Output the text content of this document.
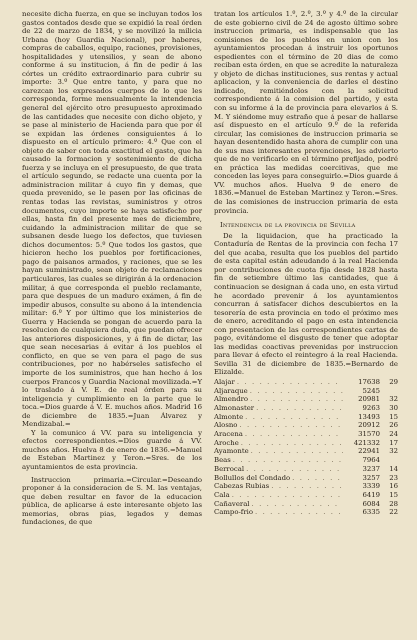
necesite dicha fuerza, en que se incluyan todos los gastos contados desde que se expidió la real órden de 22 de marzo de 1834, y se movilizó la milicia Urbana (hoy Guardia Nacional), por haberes, compras de caballos, equipo, raciones, provisiones, hospitalidades y utensilios, y sean de abono conforme á su institucion, á fin de pedir á las córtes un crédito extraordinario para cubrir su importe: 3.º Que entre tanto, y para que no carezcan los expresados cuerpos de lo que les corresponda, forme mensualmente la intendencia general del ejército otro presupuesto aproximado de las cantidades que necesite con dicho objeto, y se pase al ministerio de Hacienda para que por él se expidan las órdenes consiguientes á lo dispuesto en el artículo primero: 4.º Que con el objeto de saber con toda exactitud el gasto, que ha causado la formacion y sostenimiento de dicha fuerza y se incluya en el presupuesto, de que trata el artículo segundo, se redacte una cuenta por la administracion militar á cuyo fin y demas, que queda prevenido, se le pasen por las oficinas de rentas todas las revistas, suministros y otros documentos, cuyo importe se haya satisfecho por ellas, hasta fin del presente mes de diciembre, cuidando la administracion militar de que se subsanen desde luego los defectos, que tuviesen dichos documentos: 5.º Que todos los gastos, que hicieron hecho los pueblos por fortificaciones, pago de paisanos armados, y raciones, que se les hayan suministrado, sean objeto de reclamaciones particulares, las cuales se dirigirán á la ordenacion militar, á que corresponda el pueblo reclamante, para que despues de un maduro exámen, á fin de impedir abusos, consulte su abono á la intendencia militar: 6.º Y por último que los ministerios de Guerra y Hacienda se pongan de acuerdo para la resolucion de cualquiera duda, que puedan ofrecer las anteriores disposiciones, y á fin de dictar, las que sean necesarias á evitar á los pueblos el conflicto, en que se ven para el pago de sus contribuciones, por no habérseles satisfecho el importe de los suministros, que han hecho á los cuerpos Francos y Guardia Nacional movilizada.=Y lo traslado á V. E. de real órden para su inteligencia y cumplimiento en la parte que le toca.=Dios guarde á V. E. muchos años. Madrid 16 de diciembre de 1835.=Juan Álvarez y Mendizabal.=

Y la comunico á VV. para su inteligencia y efectos correspondientes.=Dios guarde á VV. muchos años. Huelva 8 de enero de 1836.=Manuel de Esteban Martinez y Teron.=Sres. de los ayuntamientos de esta provincia.

Instruccion primaria.=Circular.=Deseando proponer á la consideracion de S. M. las ventajas, que deben resultar en favor de la educacion pública, de aplicarse á este interesante objeto las memorias, obras pias, legados y demas fundaciones, de que

tratan los artículos 1.º, 2.º, 3.º y 4.º de la circular de este gobierno civil de 24 de agosto último sobre instruccion primaria, es indispensable que las comisiones de los pueblos en union con los ayuntamientos procedan á instruir los oportunos espedientes con el término de 20 dias de como reciban esta órden, en que se acredite la naturaleza y objeto de dichas instituciones, sus rentas y actual aplicacion, y la conveniencia de darles el destino indicado, remitiéndolos con la solicitud correspondiente á la comision del partido, y esta con su informe á la de provincia para elevarlos á S. M. Y siéndome muy estraño que á pesar de hallarse así dispuesto en el artículo 9.º de la referida circular, las comisiones de instruccion primaria se hayan desentendido hasta ahora de cumplir con una de sus mas interesantes prevenciones, les advierto que de no verificarlo en el término prefijado, podré en práctica las medidas coercitivas, que me conceden las leyes para conseguirlo.=Dios guarde á VV. muchos años. Huelva 9 de enero de 1836.=Manuel de Esteban Martinez y Teron.=Sres. de las comisiones de instruccion primaria de esta provincia.

Intendencia de la provincia de Sevilla

De la liquidacion, que ha practicado la Contaduría de Rentas de la provincia con fecha 17 del que acaba, resulta que los pueblos del partido de esta capital están adeudando á la real Hacienda por contribuciones de cuota fija desde 1828 hasta fin de setiembre último las cantidades, que á continuacion se designan á cada uno, en esta virtud he acordado prevenir á los ayuntamientos concurran á satisfacer dichos descubiertos en la tesorería de esta provincia en todo el próximo mes de enero, acreditando el pago en esta intendencia con presentacion de las correspondientes cartas de pago, evitándome el disgusto de tener que adoptar las medidas coactivas prevenidas por instruccion para llevar á efecto el reintegro á la real Hacienda. Sevilla 31 de diciembre de 1835.=Bernardo de Elizalde.

Alajar . . .	17638	29
Aljaraque . . .	5245
Almendro . . .	20981	32
Almonaster . . .	9263	30
Almonte . . .	13493	15
Alosno . . .	20912	26
Aracena . . .	31570	24
Aroche . . .	421332	17
Ayamonte . . .	22941	32
Beas . . .	7964
Berrocal . . .	3237	14
Bollullos del Condado . . .	3257	23
Cabezas Rubias . . .	3339	16
Cala . . .	6419	15
Cañaveral . . .	6084	28
Campo-frio . . .	6335	22
